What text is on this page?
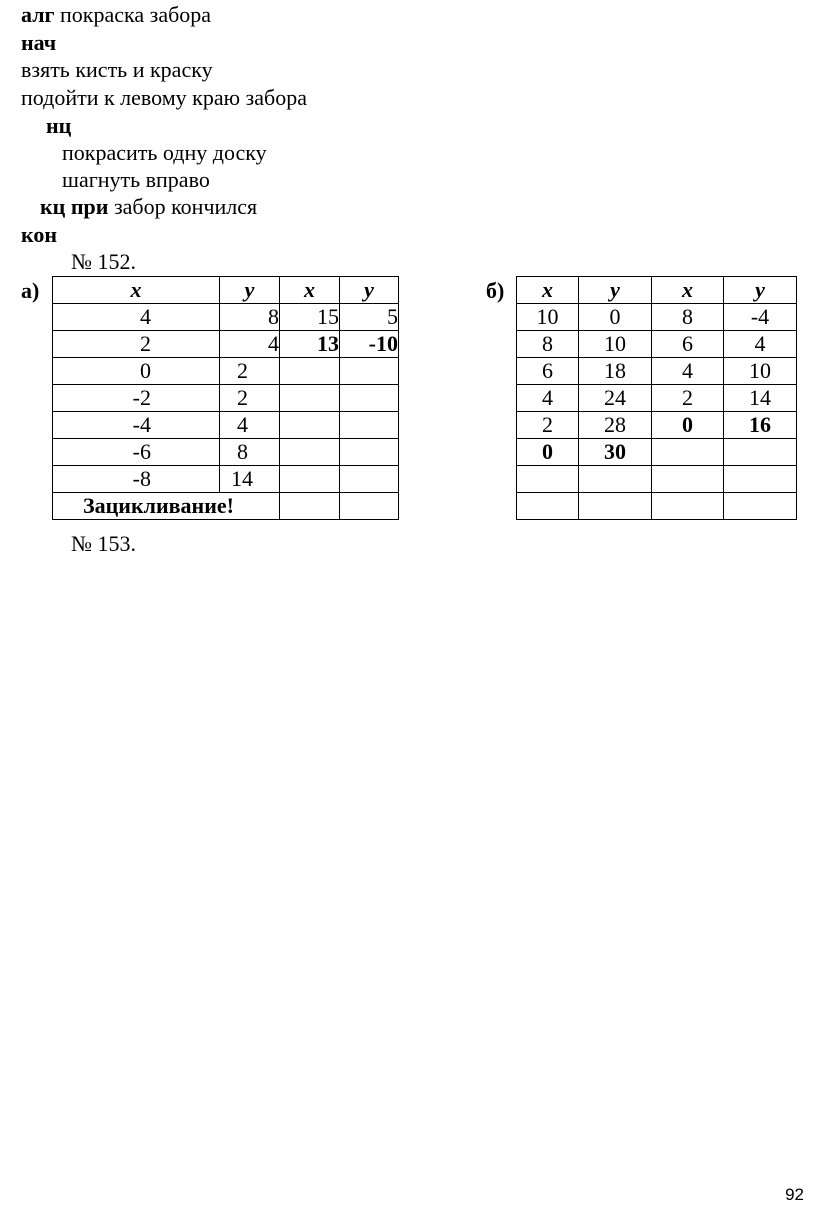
алг покраска забора
нач
взять кисть и краску
подойти к левому краю забора
нц
покрасить одну доску
шагнуть вправо
кц при забор кончился
кон
№ 152.
а)	б)
x	y	x	y
4	8	15	5
2	4	13	-10
0	2		
-2	2		
-4	4		
-6	8		
-8	14		
Зацикливание!			
x	y	x	y
10	0	8	-4
8	10	6	4
6	18	4	10
4	24	2	14
2	28	0	16
0	30		

№ 153.
92
